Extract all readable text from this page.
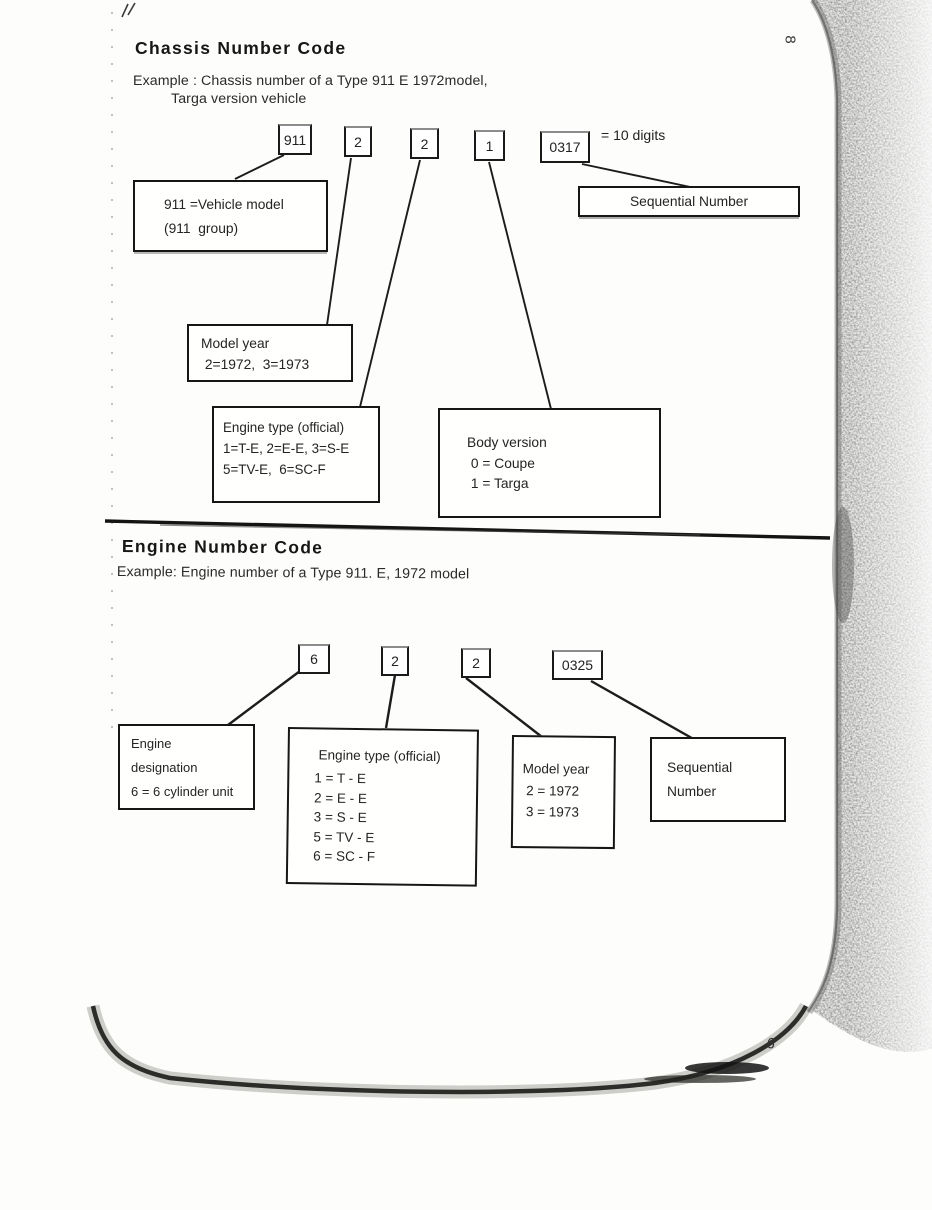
Chassis Number Code
Example : Chassis number of a Type 911 E 1972model,
Targa version vehicle
911	2	2	1	0317
= 10 digits
911 =Vehicle model
(911  group)
Sequential Number
Model year
2=1972,  3=1973
Engine type (official)
1=T-E, 2=E-E, 3=S-E
5=TV-E,  6=SC-F
Body version
0 = Coupe
1 = Targa
Engine Number Code
Example: Engine number of a Type 911. E, 1972 model
6	2	2	0325
Engine
designation
6 = 6 cylinder unit
Engine type (official)
1 = T - E
2 = E - E
3 = S - E
5 = TV - E
6 = SC - F
Model year
2 = 1972
3 = 1973
Sequential
Number
8
9
